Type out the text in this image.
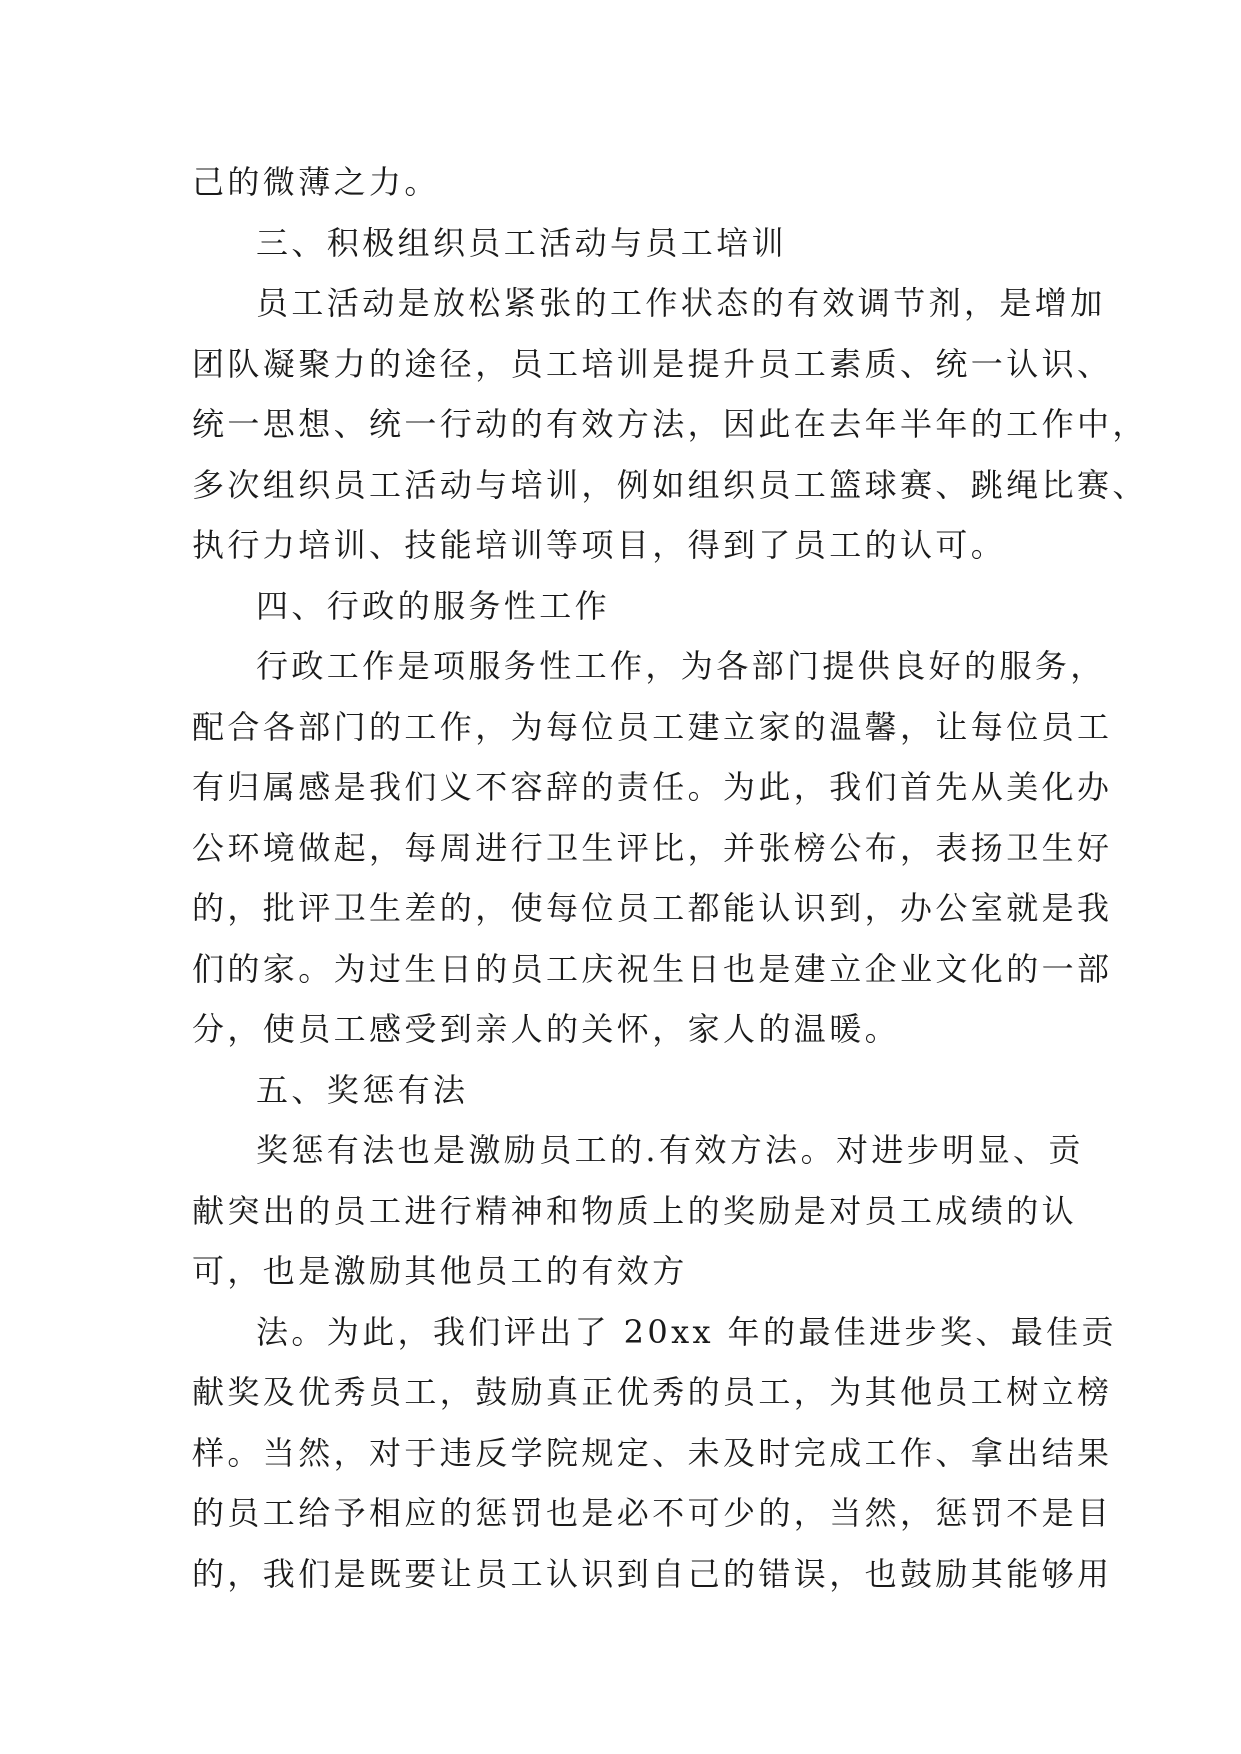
己的微薄之力。
三、积极组织员工活动与员工培训
员工活动是放松紧张的工作状态的有效调节剂，是增加
团队凝聚力的途径，员工培训是提升员工素质、统一认识、
统一思想、统一行动的有效方法，因此在去年半年的工作中，
多次组织员工活动与培训，例如组织员工篮球赛、跳绳比赛、
执行力培训、技能培训等项目，得到了员工的认可。
四、行政的服务性工作
行政工作是项服务性工作，为各部门提供良好的服务，
配合各部门的工作，为每位员工建立家的温馨，让每位员工
有归属感是我们义不容辞的责任。为此，我们首先从美化办
公环境做起，每周进行卫生评比，并张榜公布，表扬卫生好
的，批评卫生差的，使每位员工都能认识到，办公室就是我
们的家。为过生日的员工庆祝生日也是建立企业文化的一部
分，使员工感受到亲人的关怀，家人的温暖。
五、奖惩有法
奖惩有法也是激励员工的.有效方法。对进步明显、贡
献突出的员工进行精神和物质上的奖励是对员工成绩的认
可，也是激励其他员工的有效方
法。为此，我们评出了 20xx 年的最佳进步奖、最佳贡
献奖及优秀员工，鼓励真正优秀的员工，为其他员工树立榜
样。当然，对于违反学院规定、未及时完成工作、拿出结果
的员工给予相应的惩罚也是必不可少的，当然，惩罚不是目
的，我们是既要让员工认识到自己的错误，也鼓励其能够用
